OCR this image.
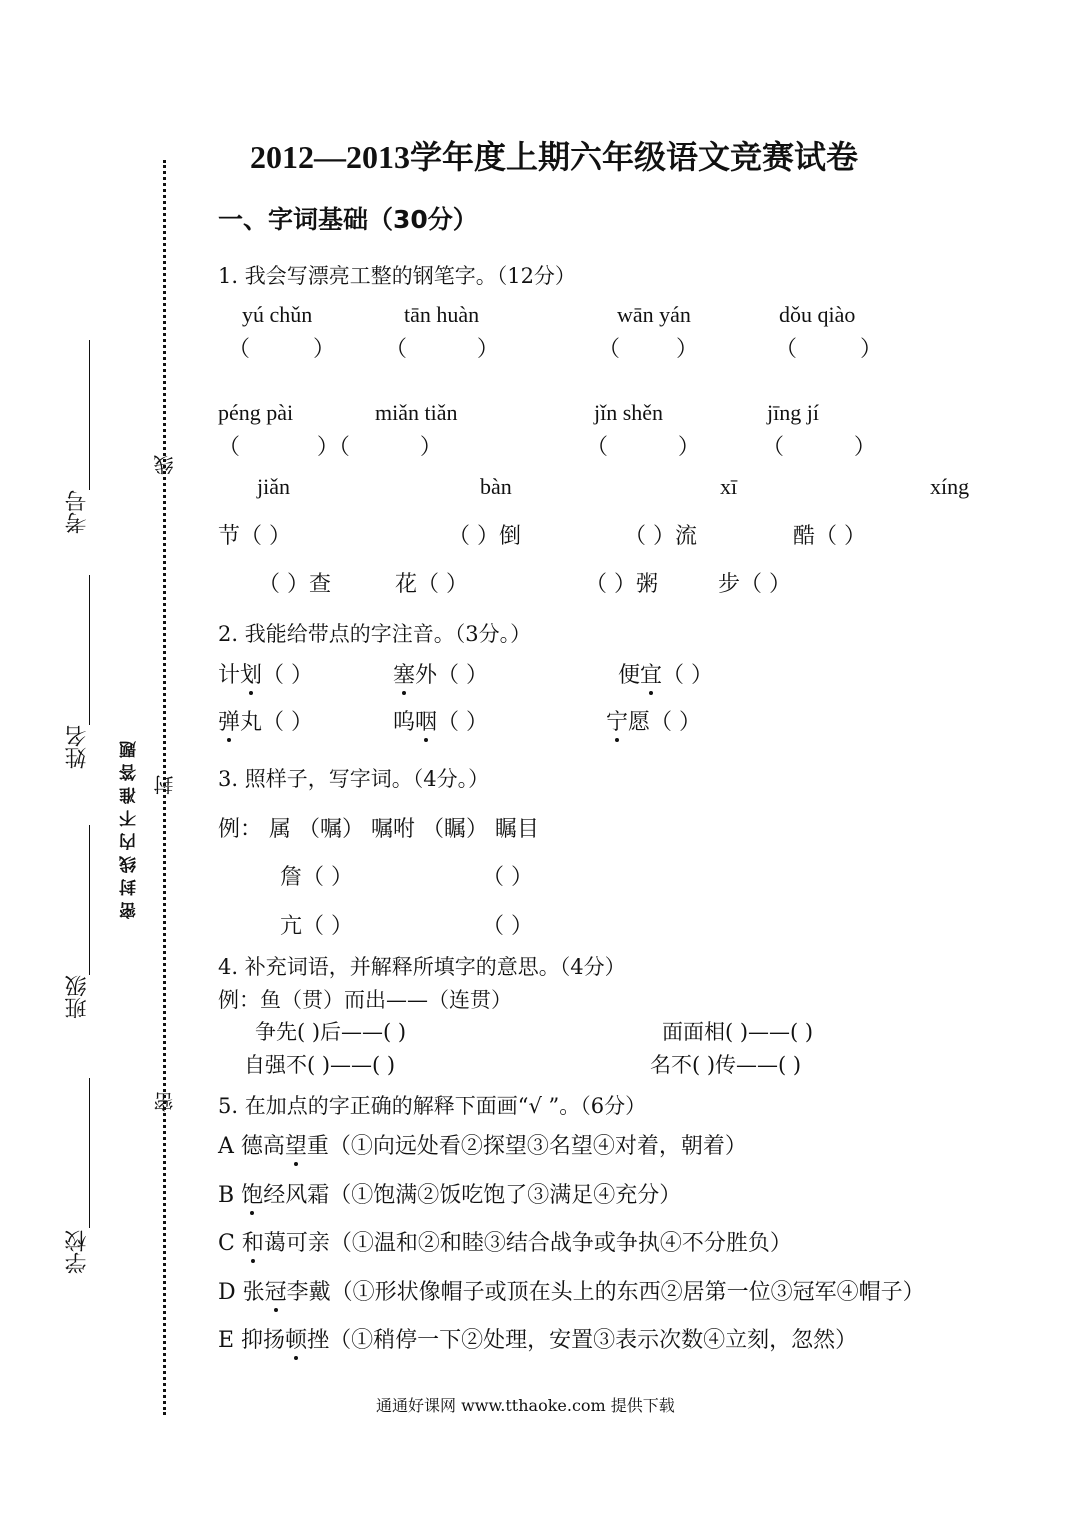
线
封
密
密封线内不准答题
考号
姓名
班级
学校
2012—2013学年度上期六年级语文竞赛试卷
一、字词基础（30分）
1. 我会写漂亮工整的钢笔字。（12分）
yú chǔn	tān huàn	wān yán	dǒu qiào
（         ） （          ）	（        ）	（         ）
péng pài	miǎn tiǎn	jǐn shěn	jīng jí
（           ）（          ）	（          ）	（          ）
jiǎn	bàn	xī	xíng
节（ ）	（ ）倒	（ ）流	酷（ ）
（ ）查	花（ ）	（ ）粥	步（ ）
2. 我能给带点的字注音。（3分。）
计划（ ）	塞外（ ）	便宜（ ）
弹丸（ ）	呜咽（ ）	宁愿（ ）
3. 照样子，写字词。（4分。）
例： 属 （嘱） 嘱咐 （瞩） 瞩目
詹（ ）	（ ）
亢（ ）	（ ）
4. 补充词语，并解释所填字的意思。（4分）
例：鱼（贯）而出——（连贯）
争先( )后——( )	面面相( )——( )
自强不( )——( )	名不( )传——( )
5. 在加点的字正确的解释下面画“√ ”。（6分）
A 德高望重（①向远处看②探望③名望④对着，朝着）
B 饱经风霜（①饱满②饭吃饱了③满足④充分）
C 和蔼可亲（①温和②和睦③结合战争或争执④不分胜负）
D 张冠李戴（①形状像帽子或顶在头上的东西②居第一位③冠军④帽子）
E 抑扬顿挫（①稍停一下②处理，安置③表示次数④立刻，忽然）
通通好课网 www.tthaoke.com 提供下载
